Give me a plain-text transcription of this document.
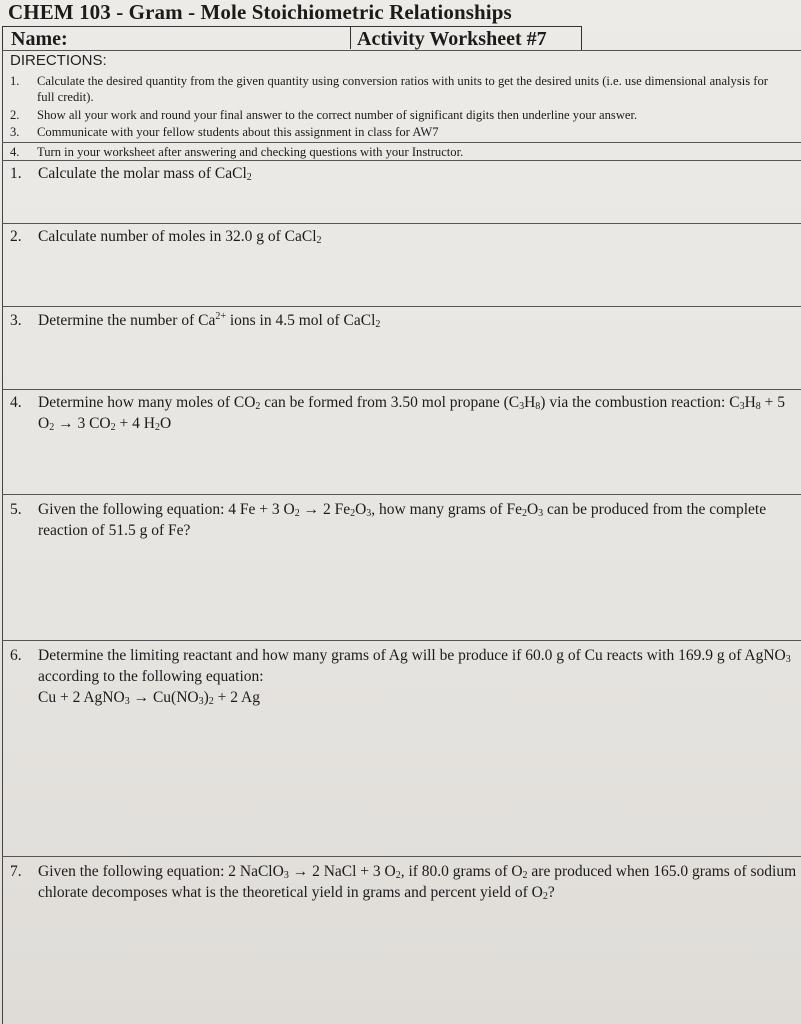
CHEM 103 - Gram - Mole Stoichiometric Relationships
Name:	Activity Worksheet #7
DIRECTIONS:
1. Calculate the desired quantity from the given quantity using conversion ratios with units to get the desired units (i.e. use dimensional analysis for full credit).
2. Show all your work and round your final answer to the correct number of significant digits then underline your answer.
3. Communicate with your fellow students about this assignment in class for AW7
4. Turn in your worksheet after answering and checking questions with your Instructor.
1. Calculate the molar mass of CaCl$_2$
2. Calculate number of moles in 32.0 g of CaCl$_2$
3. Determine the number of $Ca^{2+}$ ions in 4.5 mol of CaCl$_2$
4. Determine how many moles of $CO_2$ can be formed from 3.50 mol propane $(C_3H_8)$ via the combustion reaction: $C_3H_8 + 5$ $O_2 \to 3$ $CO_2 + 4$ $H_2O$
5. Given the following equation: 4 Fe + 3 $O_2 \to 2$ $Fe_2O_3$, how many grams of $Fe_2O_3$ can be produced from the complete reaction of 51.5 g of Fe?
6. Determine the limiting reactant and how many grams of Ag will be produce if 60.0 g of Cu reacts with 169.9 g of AgNO$_3$ according to the following equation:
Cu + 2 AgNO$_3$ → $Cu(NO_3)_2 + 2$ Ag
7. Given the following equation: 2 NaClO$_3$ → 2 NaCl + 3 $O_2$, if 80.0 grams of $O_2$ are produced when 165.0 grams of sodium chlorate decomposes what is the theoretical yield in grams and percent yield of $O_2$?
